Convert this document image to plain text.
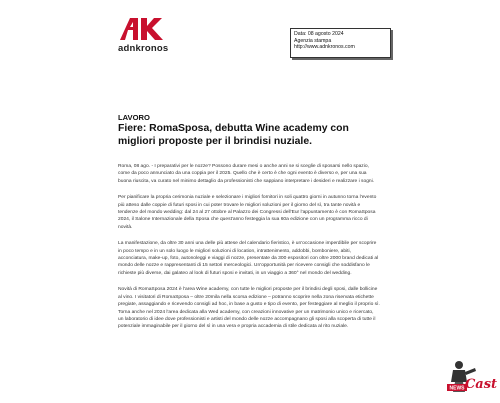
adnkronos
Data: 08 agosto 2024
Agenzia stampa
http://www.adnkronos.com
LAVORO
Fiere: RomaSposa, debutta Wine academy con migliori proposte per il brindisi nuziale.

Roma, 08 ago. - I preparativi per le nozze? Possono durare mesi o anche anni se si sceglie di sposarsi nello spazio, come da poco annunciato da una coppia per il 2025. Quello che è certo è che ogni evento è diverso e, per una sua buona riuscita, va curato nel minimo dettaglio da professionisti che sappiano interpretare i desideri e realizzare i sogni.

Per pianificare la propria cerimonia nuziale e selezionare i migliori fornitori in soli quattro giorni in autunno torna l'evento più atteso dalle coppie di futuri sposi in cui poter trovare le migliori soluzioni per il giorno del sì, tra tante novità e tendenze del mondo wedding: dal 24 al 27 ottobre al Palazzo dei Congressi dell'Eur l'appuntamento è con RomaSposa 2024, il Salone Internazionale della Sposa che quest'anno festeggia la sua 60a edizione con un programma ricco di novità.

La manifestazione, da oltre 30 anni una delle più attese del calendario fieristico, è un'occasione imperdibile per scoprire in poco tempo e in un solo luogo le migliori soluzioni di location, intrattenimento, addobbi, bomboniere, abiti, acconciatura, make-up, foto, autonoleggi e viaggi di nozze, presentate da 300 espositori con oltre 2000 brand dedicati al mondo delle nozze e rappresentanti di 15 settori merceologici. Un'opportunità per ricevere consigli che soddisfano le richieste più diverse, dai galateo al look di futuri sposi e invitati, in un viaggio a 360° nel mondo del wedding.

Novità di RomaSposa 2024 è l'area Wine academy, con tutte le migliori proposte per il brindisi degli sposi, dalle bollicine al vino. I visitatori di RomaSposa – oltre 20mila nella scorsa edizione – potranno scoprire nella zona riservata etichette pregiate, assaggiando e ricevendo consigli ad hoc, in base a gusto e tipo di evento, per festeggiare al meglio il proprio sì. Torna anche nel 2024 l'area dedicata alla Wed academy, con creazioni innovative per un matrimonio unico e ricercato, un laboratorio di idee dove professionisti e artisti del mondo delle nozze accompagnano gli sposi alla scoperta di tutte il potenziale immaginabile per il giorno del sì in una vera e propria accademia di stile dedicata al rito nuziale.

NEWS Cast
